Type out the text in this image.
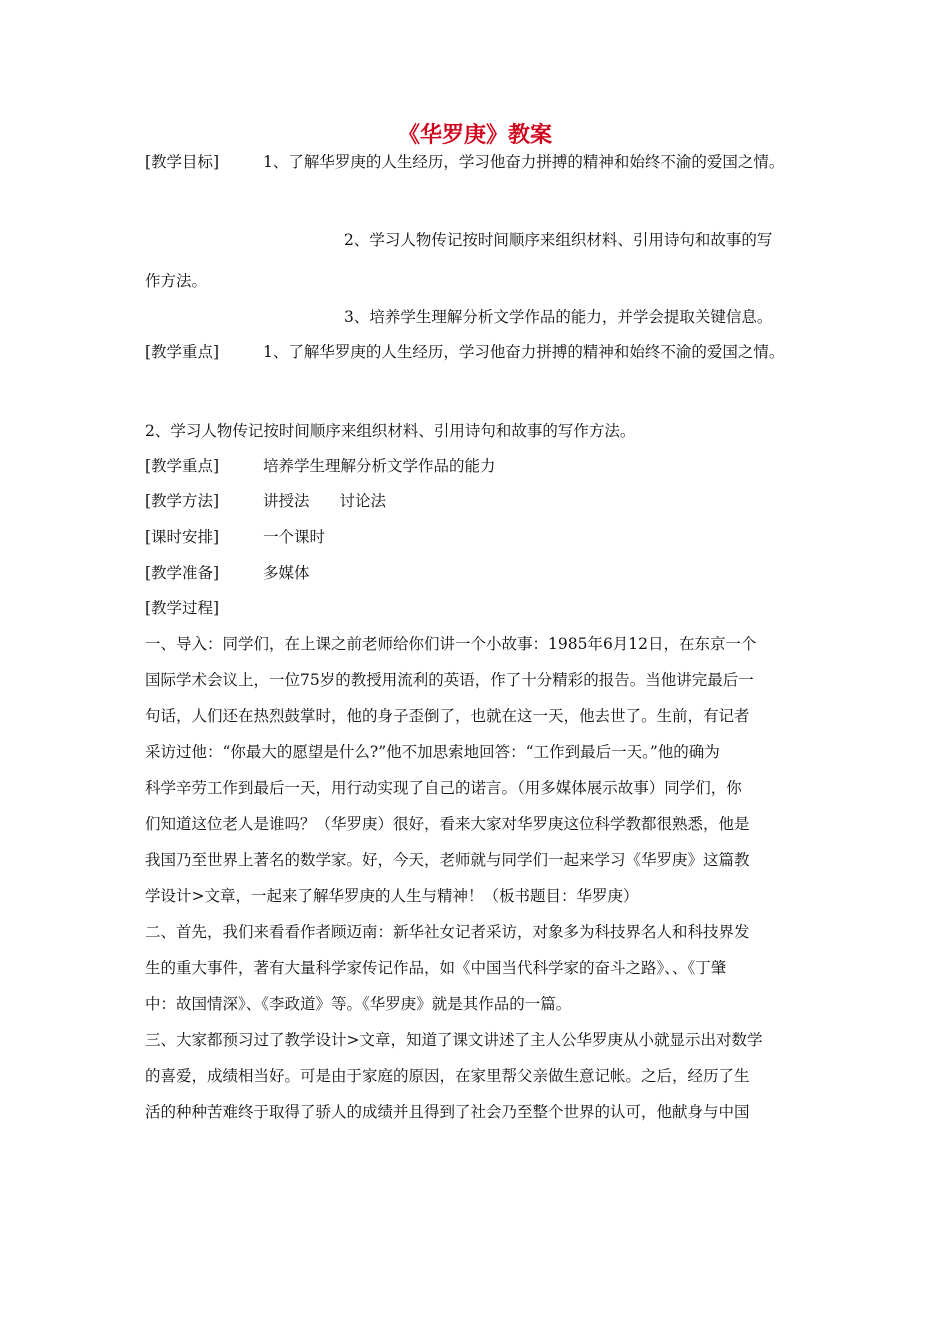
《华罗庚》教案
[教学目标]	1、了解华罗庚的人生经历，学习他奋力拼搏的精神和始终不渝的爱国之情。
2、学习人物传记按时间顺序来组织材料、引用诗句和故事的写
作方法。
3、培养学生理解分析文学作品的能力，并学会提取关键信息。
[教学重点]	1、了解华罗庚的人生经历，学习他奋力拼搏的精神和始终不渝的爱国之情。
2、学习人物传记按时间顺序来组织材料、引用诗句和故事的写作方法。
[教学重点]	培养学生理解分析文学作品的能力
[教学方法]	讲授法 讨论法
[课时安排]	一个课时
[教学准备]	多媒体
[教学过程]
一、导入：同学们，在上课之前老师给你们讲一个小故事：1985年6月12日，在东京一个
国际学术会议上，一位75岁的教授用流利的英语，作了十分精彩的报告。当他讲完最后一
句话，人们还在热烈鼓掌时，他的身子歪倒了，也就在这一天，他去世了。生前，有记者
采访过他：“你最大的愿望是什么?”他不加思索地回答：“工作到最后一天。”他的确为
科学辛劳工作到最后一天，用行动实现了自己的诺言。（用多媒体展示故事）同学们，你
们知道这位老人是谁吗？（华罗庚）很好，看来大家对华罗庚这位科学教都很熟悉，他是
我国乃至世界上著名的数学家。好，今天，老师就与同学们一起来学习《华罗庚》这篇教
学设计>文章，一起来了解华罗庚的人生与精神！（板书题目：华罗庚）
二、首先，我们来看看作者顾迈南：新华社女记者采访，对象多为科技界名人和科技界发
生的重大事件，著有大量科学家传记作品，如《中国当代科学家的奋斗之路》、、《丁肇
中：故国情深》、《李政道》等。《华罗庚》就是其作品的一篇。
三、大家都预习过了教学设计>文章，知道了课文讲述了主人公华罗庚从小就显示出对数学
的喜爱，成绩相当好。可是由于家庭的原因，在家里帮父亲做生意记帐。之后，经历了生
活的种种苦难终于取得了骄人的成绩并且得到了社会乃至整个世界的认可，他献身与中国
